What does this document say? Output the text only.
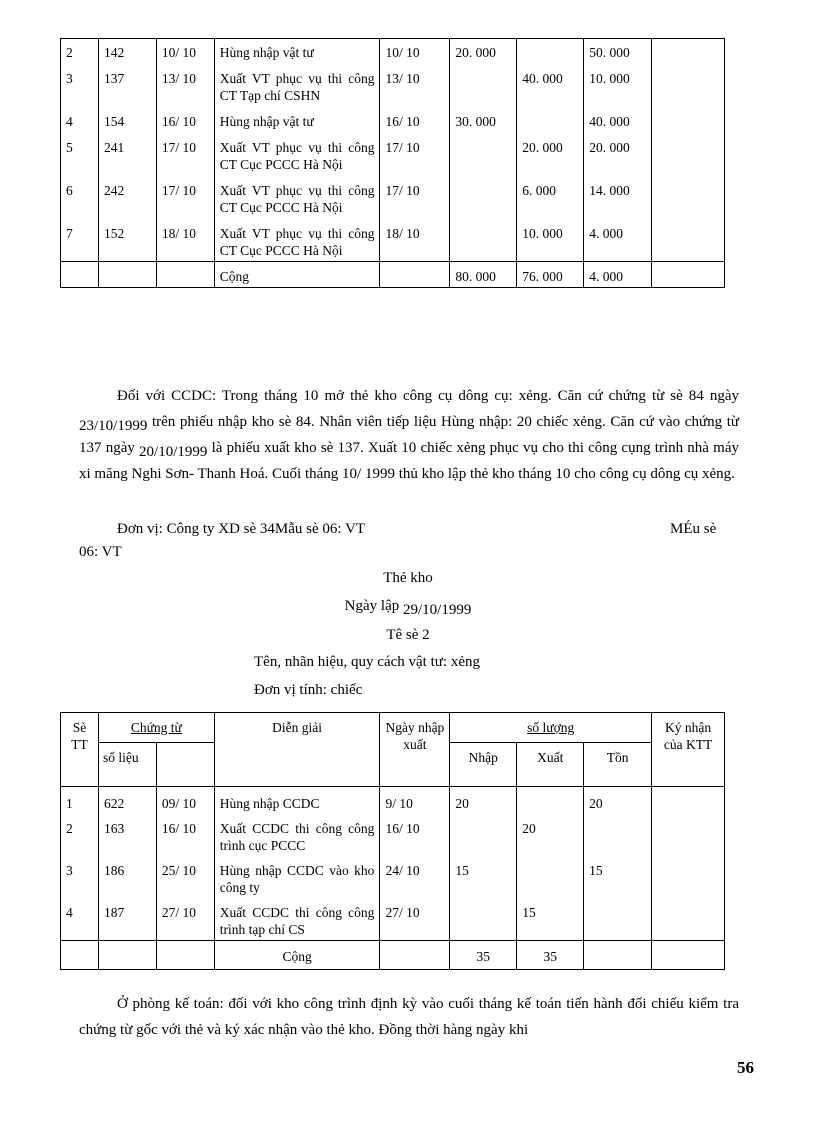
2	142	10/ 10	Hùng nhập vật tư	10/ 10	20. 000		50. 000	
3	137	13/ 10	Xuất VT phục vụ thi công CT Tạp chí CSHN	13/ 10		40. 000	10. 000	
4	154	16/ 10	Hùng nhập vật tư	16/ 10	30. 000		40. 000	
5	241	17/ 10	Xuất VT phục vụ thi công CT Cục PCCC Hà Nội	17/ 10		20. 000	20. 000	
6	242	17/ 10	Xuất VT phục vụ thi công CT Cục PCCC Hà Nội	17/ 10		6. 000	14. 000	
7	152	18/ 10	Xuất VT phục vụ thi công CT Cục PCCC Hà Nội	18/ 10		10. 000	4. 000	
			Cộng		80. 000	76. 000	4. 000	

Đối với CCDC: Trong tháng 10 mở thẻ kho công cụ dông cụ: xẻng. Căn cứ chứng từ sè 84 ngày 23/10/1999 trên phiếu nhập kho sè 84. Nhân viên tiếp liệu Hùng nhập: 20 chiếc xẻng. Căn cứ vào chứng từ 137 ngày 20/10/1999 là phiếu xuất kho sè 137. Xuất 10 chiếc xẻng phục vụ cho thi công cụng trình nhà máy xi măng Nghi Sơn- Thanh Hoá. Cuối tháng 10/ 1999 thủ kho lập thẻ kho tháng 10 cho công cụ dông cụ xẻng.

Đơn vị: Công ty XD sè 34Mẫu sè 06: VT	MÉu sè
06: VT
Thẻ kho
Ngày lập 29/10/1999
Tê sè 2
Tên, nhãn hiệu, quy cách vật tư: xẻng
Đơn vị tính: chiếc
Sè TT	Chứng từ		Diễn giải	Ngày nhập xuất	số lượng			Ký nhận của KTT
	số liệu				Nhập	Xuất	Tồn	
1	622	09/ 10	Hùng nhập CCDC	9/ 10	20		20	
2	163	16/ 10	Xuất CCDC thi công công trình cục PCCC	16/ 10		20		
3	186	25/ 10	Hùng nhập CCDC vào kho công ty	24/ 10	15		15	
4	187	27/ 10	Xuất CCDC thi công công trình tạp chí CS	27/ 10		15		
			Cộng		35	35		

Ở phòng kế toán: đối với kho công trình định kỳ vào cuối tháng kế toán tiến hành đối chiếu kiểm tra chứng từ gốc với thẻ và ký xác nhận vào thẻ kho. Đồng thời hàng ngày khi

56
